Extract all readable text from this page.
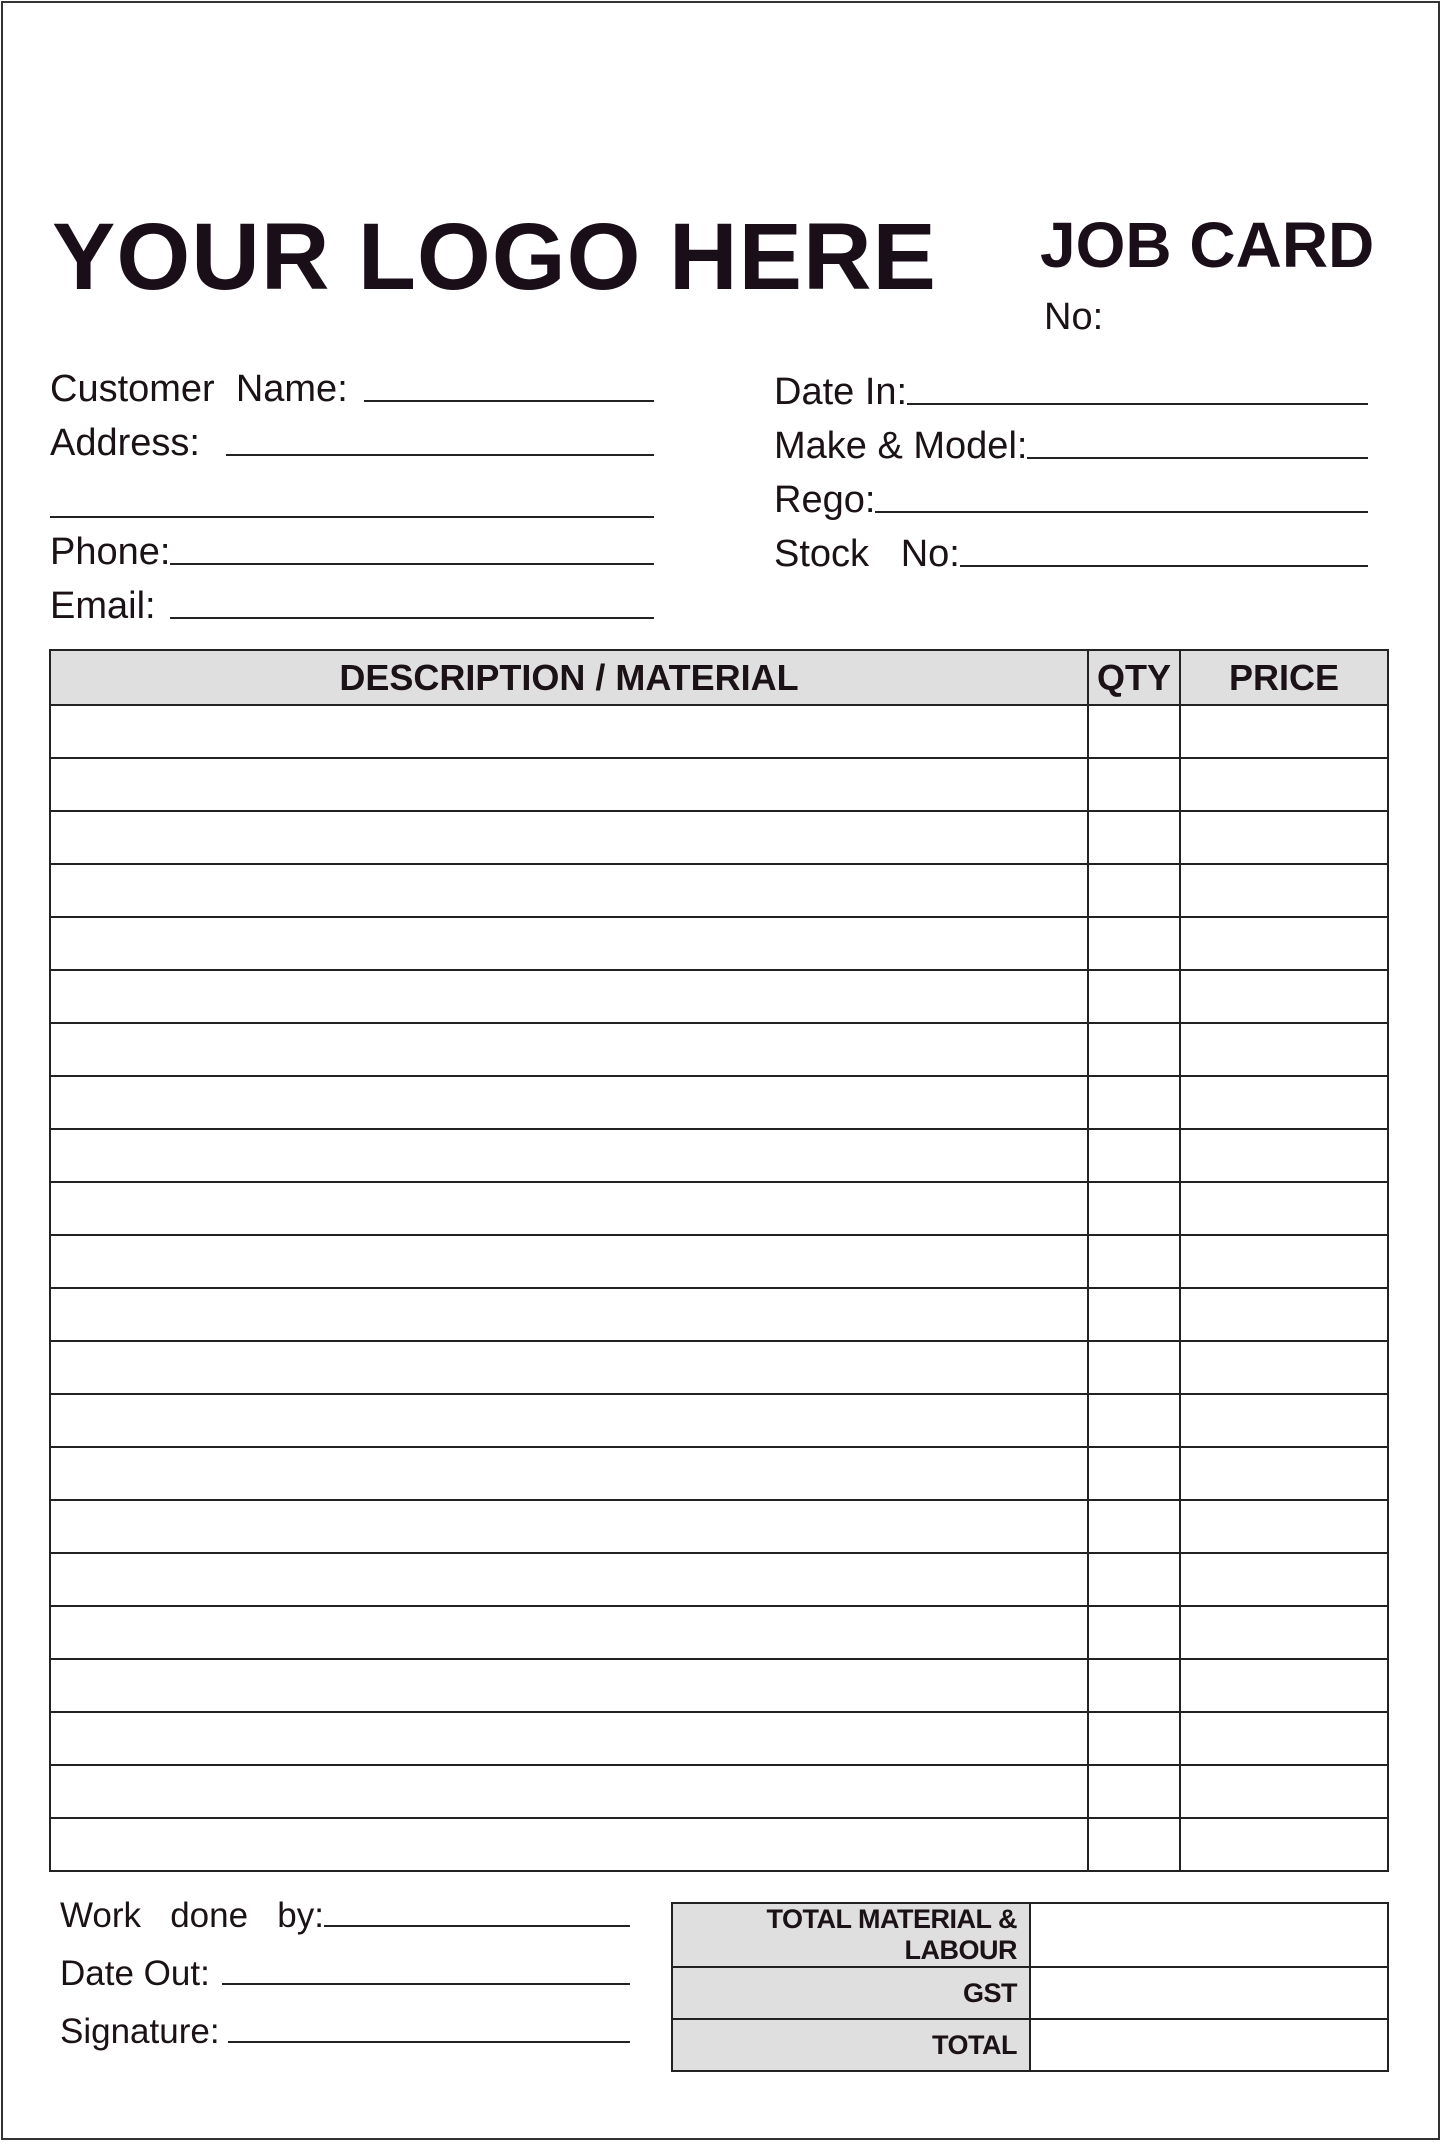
YOUR LOGO HERE JOB CARD
No:
Customer  Name:
Address:
Phone:
Email:
Date In:
Make & Model:
Rego:
Stock   No:
DESCRIPTION / MATERIAL	QTY	PRICE

Work   done   by:
Date Out:
Signature:
TOTAL MATERIAL & LABOUR	
GST	
TOTAL	
